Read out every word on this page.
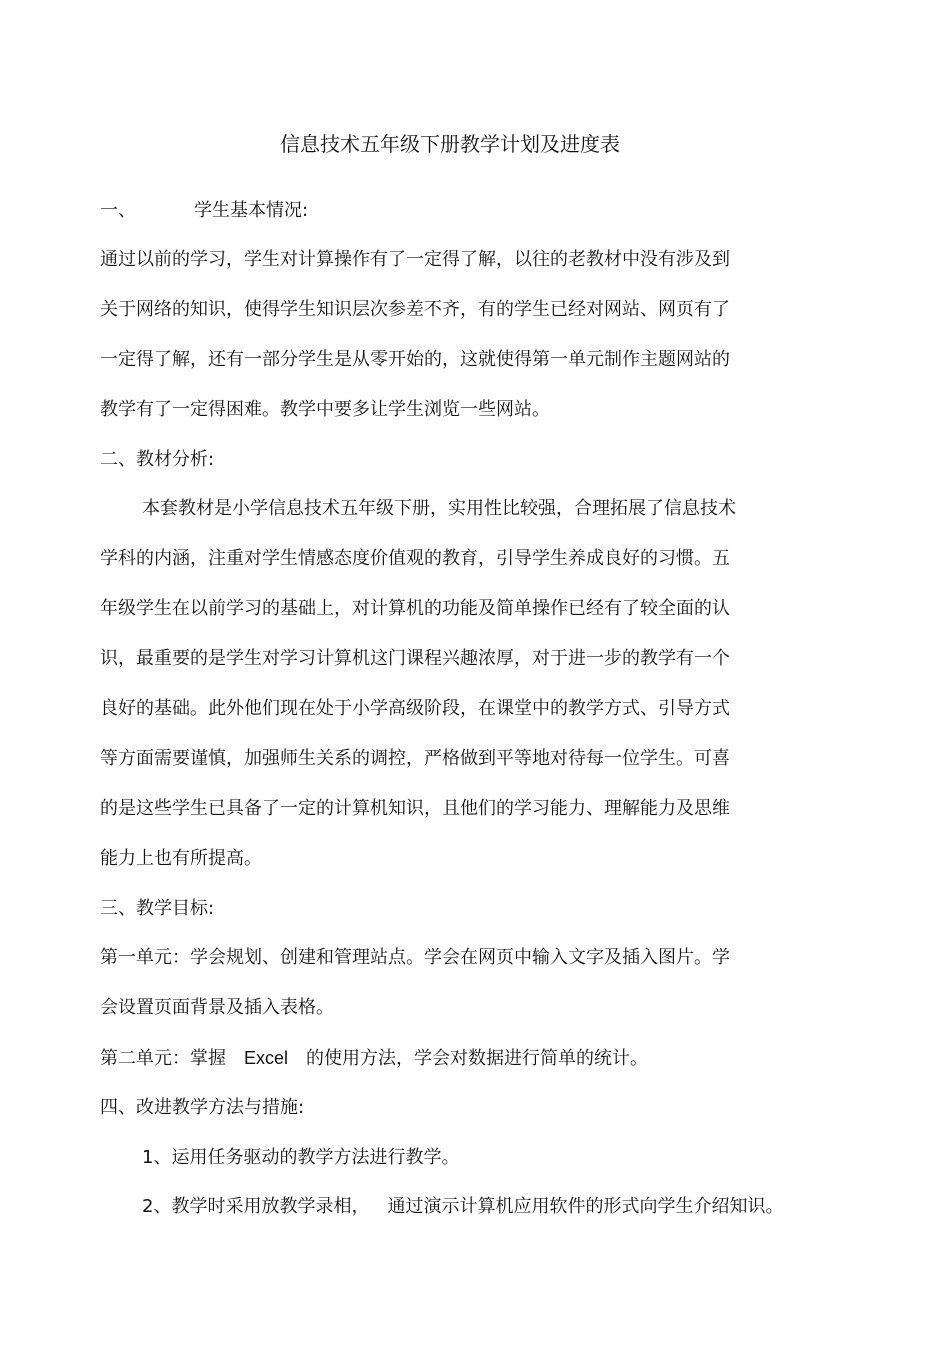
信息技术五年级下册教学计划及进度表
一、	学生基本情况:
通过以前的学习，学生对计算操作有了一定得了解，以往的老教材中没有涉及到
关于网络的知识，使得学生知识层次参差不齐，有的学生已经对网站、网页有了
一定得了解，还有一部分学生是从零开始的，这就使得第一单元制作主题网站的
教学有了一定得困难。教学中要多让学生浏览一些网站。
二、教材分析:
本套教材是小学信息技术五年级下册，实用性比较强，合理拓展了信息技术
学科的内涵，注重对学生情感态度价值观的教育，引导学生养成良好的习惯。五
年级学生在以前学习的基础上，对计算机的功能及简单操作已经有了较全面的认
识，最重要的是学生对学习计算机这门课程兴趣浓厚，对于进一步的教学有一个
良好的基础。此外他们现在处于小学高级阶段，在课堂中的教学方式、引导方式
等方面需要谨慎，加强师生关系的调控，严格做到平等地对待每一位学生。可喜
的是这些学生已具备了一定的计算机知识，且他们的学习能力、理解能力及思维
能力上也有所提高。
三、教学目标:
第一单元：学会规划、创建和管理站点。学会在网页中输入文字及插入图片。学
会设置页面背景及插入表格。
第二单元：掌握 Excel 的使用方法，学会对数据进行简单的统计。
四、改进教学方法与措施:
1、运用任务驱动的教学方法进行教学。
2、教学时采用放教学录相， 通过演示计算机应用软件的形式向学生介绍知识。
